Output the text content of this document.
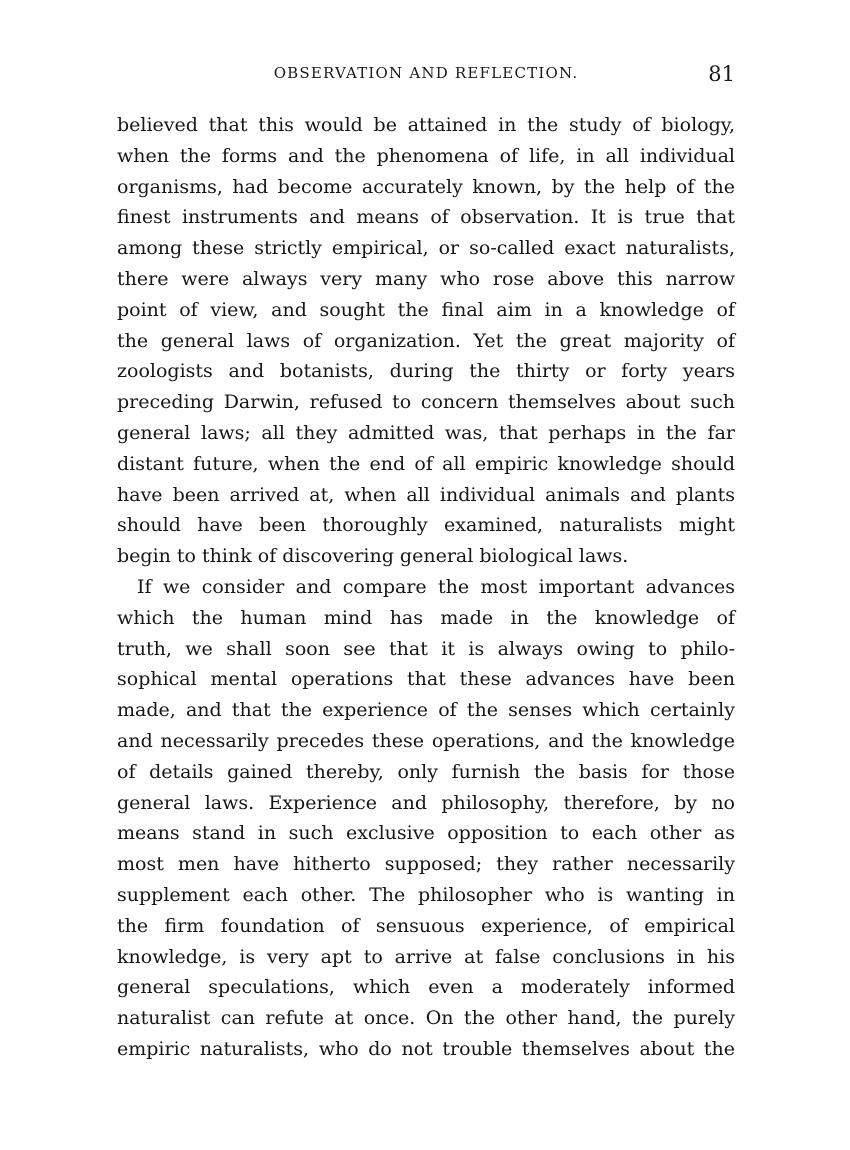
OBSERVATION AND REFLECTION.	81
believed that this would be attained in the study of biology,
when the forms and the phenomena of life, in all individual
organisms, had become accurately known, by the help of the
finest instruments and means of observation. It is true that
among these strictly empirical, or so-called exact naturalists,
there were always very many who rose above this narrow
point of view, and sought the final aim in a knowledge of
the general laws of organization. Yet the great majority of
zoologists and botanists, during the thirty or forty years
preceding Darwin, refused to concern themselves about such
general laws; all they admitted was, that perhaps in the far
distant future, when the end of all empiric knowledge should
have been arrived at, when all individual animals and plants
should have been thoroughly examined, naturalists might
begin to think of discovering general biological laws.
If we consider and compare the most important advances
which the human mind has made in the knowledge of
truth, we shall soon see that it is always owing to philo-
sophical mental operations that these advances have been
made, and that the experience of the senses which certainly
and necessarily precedes these operations, and the knowledge
of details gained thereby, only furnish the basis for those
general laws. Experience and philosophy, therefore, by no
means stand in such exclusive opposition to each other as
most men have hitherto supposed; they rather necessarily
supplement each other. The philosopher who is wanting in
the firm foundation of sensuous experience, of empirical
knowledge, is very apt to arrive at false conclusions in his
general speculations, which even a moderately informed
naturalist can refute at once. On the other hand, the purely
empiric naturalists, who do not trouble themselves about the
